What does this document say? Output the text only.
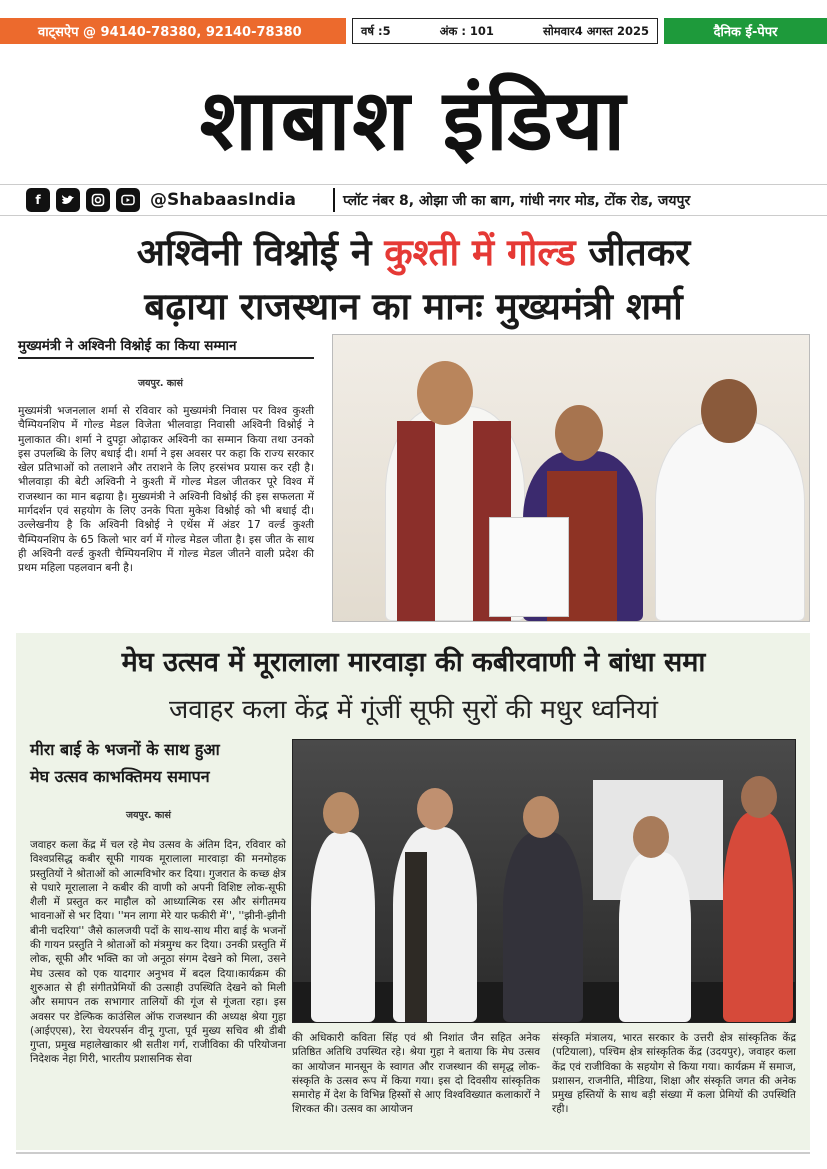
वाट्सऐप @ 94140-78380, 92140-78380	वर्ष :5	अंक : 101	सोमवार4 अगस्त 2025	दैनिक ई-पेपर
शाबाश इंडिया
f	@ShabaasIndia	प्लॉट नंबर 8, ओझा जी का बाग, गांधी नगर मोड, टोंक रोड, जयपुर
अश्विनी विश्नोई ने कुश्ती में गोल्ड जीतकर
बढ़ाया राजस्थान का मानः मुख्यमंत्री शर्मा
मुख्यमंत्री ने अश्विनी विश्नोई का किया सम्मान
जयपुर. कासं
मुख्यमंत्री भजनलाल शर्मा से रविवार को मुख्यमंत्री निवास पर विश्व कुश्ती चैम्पियनशिप में गोल्ड मेडल विजेता भीलवाड़ा निवासी अश्विनी विश्नोई ने मुलाकात की। शर्मा ने दुपट्टा ओढ़ाकर अश्विनी का सम्मान किया तथा उनको इस उपलब्धि के लिए बधाई दी। शर्मा ने इस अवसर पर कहा कि राज्य सरकार खेल प्रतिभाओं को तलाशने और तराशने के लिए हरसंभव प्रयास कर रही है। भीलवाड़ा की बेटी अश्विनी ने कुश्ती में गोल्ड मेडल जीतकर पूरे विश्व में राजस्थान का मान बढ़ाया है। मुख्यमंत्री ने अश्विनी विश्नोई की इस सफलता में मार्गदर्शन एवं सहयोग के लिए उनके पिता मुकेश विश्नोई को भी बधाई दी। उल्लेखनीय है कि अश्विनी विश्नोई ने एथेंस में अंडर 17 वर्ल्ड कुश्ती चैम्पियनशिप के 65 किलो भार वर्ग में गोल्ड मेडल जीता है। इस जीत के साथ ही अश्विनी वर्ल्ड कुश्ती चैम्पियनशिप में गोल्ड मेडल जीतने वाली प्रदेश की प्रथम महिला पहलवान बनी है।
मेघ उत्सव में मूरालाला मारवाड़ा की कबीरवाणी ने बांधा समा
जवाहर कला केंद्र में गूंजीं सूफी सुरों की मधुर ध्वनियां
मीरा बाई के भजनों के साथ हुआ
मेघ उत्सव काभक्तिमय समापन
जयपुर. कासं
जवाहर कला केंद्र में चल रहे मेघ उत्सव के अंतिम दिन, रविवार को विश्वप्रसिद्ध कबीर सूफी गायक मूरालाला मारवाड़ा की मनमोहक प्रस्तुतियों ने श्रोताओं को आत्मविभोर कर दिया। गुजरात के कच्छ क्षेत्र से पधारे मूरालाला ने कबीर की वाणी को अपनी विशिष्ट लोक-सूफी शैली में प्रस्तुत कर माहौल को आध्यात्मिक रस और संगीतमय भावनाओं से भर दिया। ''मन लागा मेरे यार फकीरी में'', ''झीनी-झीनी बीनी चदरिया'' जैसे कालजयी पदों के साथ-साथ मीरा बाई के भजनों की गायन प्रस्तुति ने श्रोताओं को मंत्रमुग्ध कर दिया। उनकी प्रस्तुति में लोक, सूफी और भक्ति का जो अनूठा संगम देखने को मिला, उसने मेघ उत्सव को एक यादगार अनुभव में बदल दिया।कार्यक्रम की शुरुआत से ही संगीतप्रेमियों की उत्साही उपस्थिति देखने को मिली और समापन तक सभागार तालियों की गूंज से गूंजता रहा। इस अवसर पर डेल्फिक काउंसिल ऑफ राजस्थान की अध्यक्ष श्रेया गुहा (आईएएस), रेरा चेयरपर्सन वीनू गुप्ता, पूर्व मुख्य सचिव श्री डीबी गुप्ता, प्रमुख महालेखाकार श्री सतीश गर्ग, राजीविका की परियोजना निदेशक नेहा गिरी, भारतीय प्रशासनिक सेवा
की अधिकारी कविता सिंह एवं श्री निशांत जैन सहित अनेक प्रतिष्ठित अतिथि उपस्थित रहे। श्रेया गुहा ने बताया कि मेघ उत्सव का आयोजन मानसून के स्वागत और राजस्थान की समृद्ध लोक-संस्कृति के उत्सव रूप में किया गया। इस दो दिवसीय सांस्कृतिक समारोह में देश के विभिन्न हिस्सों से आए विश्वविख्यात कलाकारों ने शिरकत की। उत्सव का आयोजन
संस्कृति मंत्रालय, भारत सरकार के उत्तरी क्षेत्र सांस्कृतिक केंद्र (पटियाला), पश्चिम क्षेत्र सांस्कृतिक केंद्र (उदयपुर), जवाहर कला केंद्र एवं राजीविका के सहयोग से किया गया। कार्यक्रम में समाज, प्रशासन, राजनीति, मीडिया, शिक्षा और संस्कृति जगत की अनेक प्रमुख हस्तियों के साथ बड़ी संख्या में कला प्रेमियों की उपस्थिति रही।
